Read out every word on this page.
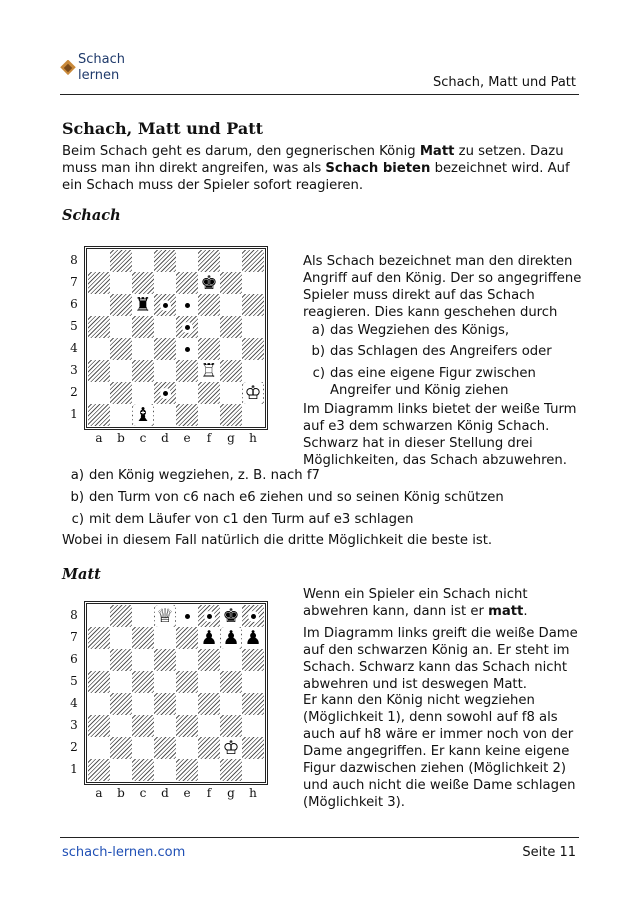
Schach
lernen	Schach, Matt und Patt
Schach, Matt und Patt
Beim Schach geht es darum, den gegnerischen König Matt zu setzen. Dazu
muss man ihn direkt angreifen, was als Schach bieten bezeichnet wird. Auf
ein Schach muss der Spieler sofort reagieren.
Schach
♚
♜
♖
♔
♝
8
7
6
5
4
3
2
1
a	b	c	d	e	f	g	h
Als Schach bezeichnet man den direkten
Angriff auf den König. Der so angegriffene
Spieler muss direkt auf das Schach
reagieren. Dies kann geschehen durch
a) das Wegziehen des Königs,
b) das Schlagen des Angreifers oder
c) das eine eigene Figur zwischen
Angreifer und König ziehen
Im Diagramm links bietet der weiße Turm
auf e3 dem schwarzen König Schach.
Schwarz hat in dieser Stellung drei
Möglichkeiten, das Schach abzuwehren.
a) den König wegziehen, z. B. nach f7
b) den Turm von c6 nach e6 ziehen und so seinen König schützen
c) mit dem Läufer von c1 den Turm auf e3 schlagen
Wobei in diesem Fall natürlich die dritte Möglichkeit die beste ist.
Matt
♕	♚
♟ ♟ ♟
♔
8
7
6
5
4
3
2
1
a	b	c	d	e	f	g	h
Wenn ein Spieler ein Schach nicht
abwehren kann, dann ist er matt.
Im Diagramm links greift die weiße Dame
auf den schwarzen König an. Er steht im
Schach. Schwarz kann das Schach nicht
abwehren und ist deswegen Matt.
Er kann den König nicht wegziehen
(Möglichkeit 1), denn sowohl auf f8 als
auch auf h8 wäre er immer noch von der
Dame angegriffen. Er kann keine eigene
Figur dazwischen ziehen (Möglichkeit 2)
und auch nicht die weiße Dame schlagen
(Möglichkeit 3).
schach-lernen.com	Seite 11
